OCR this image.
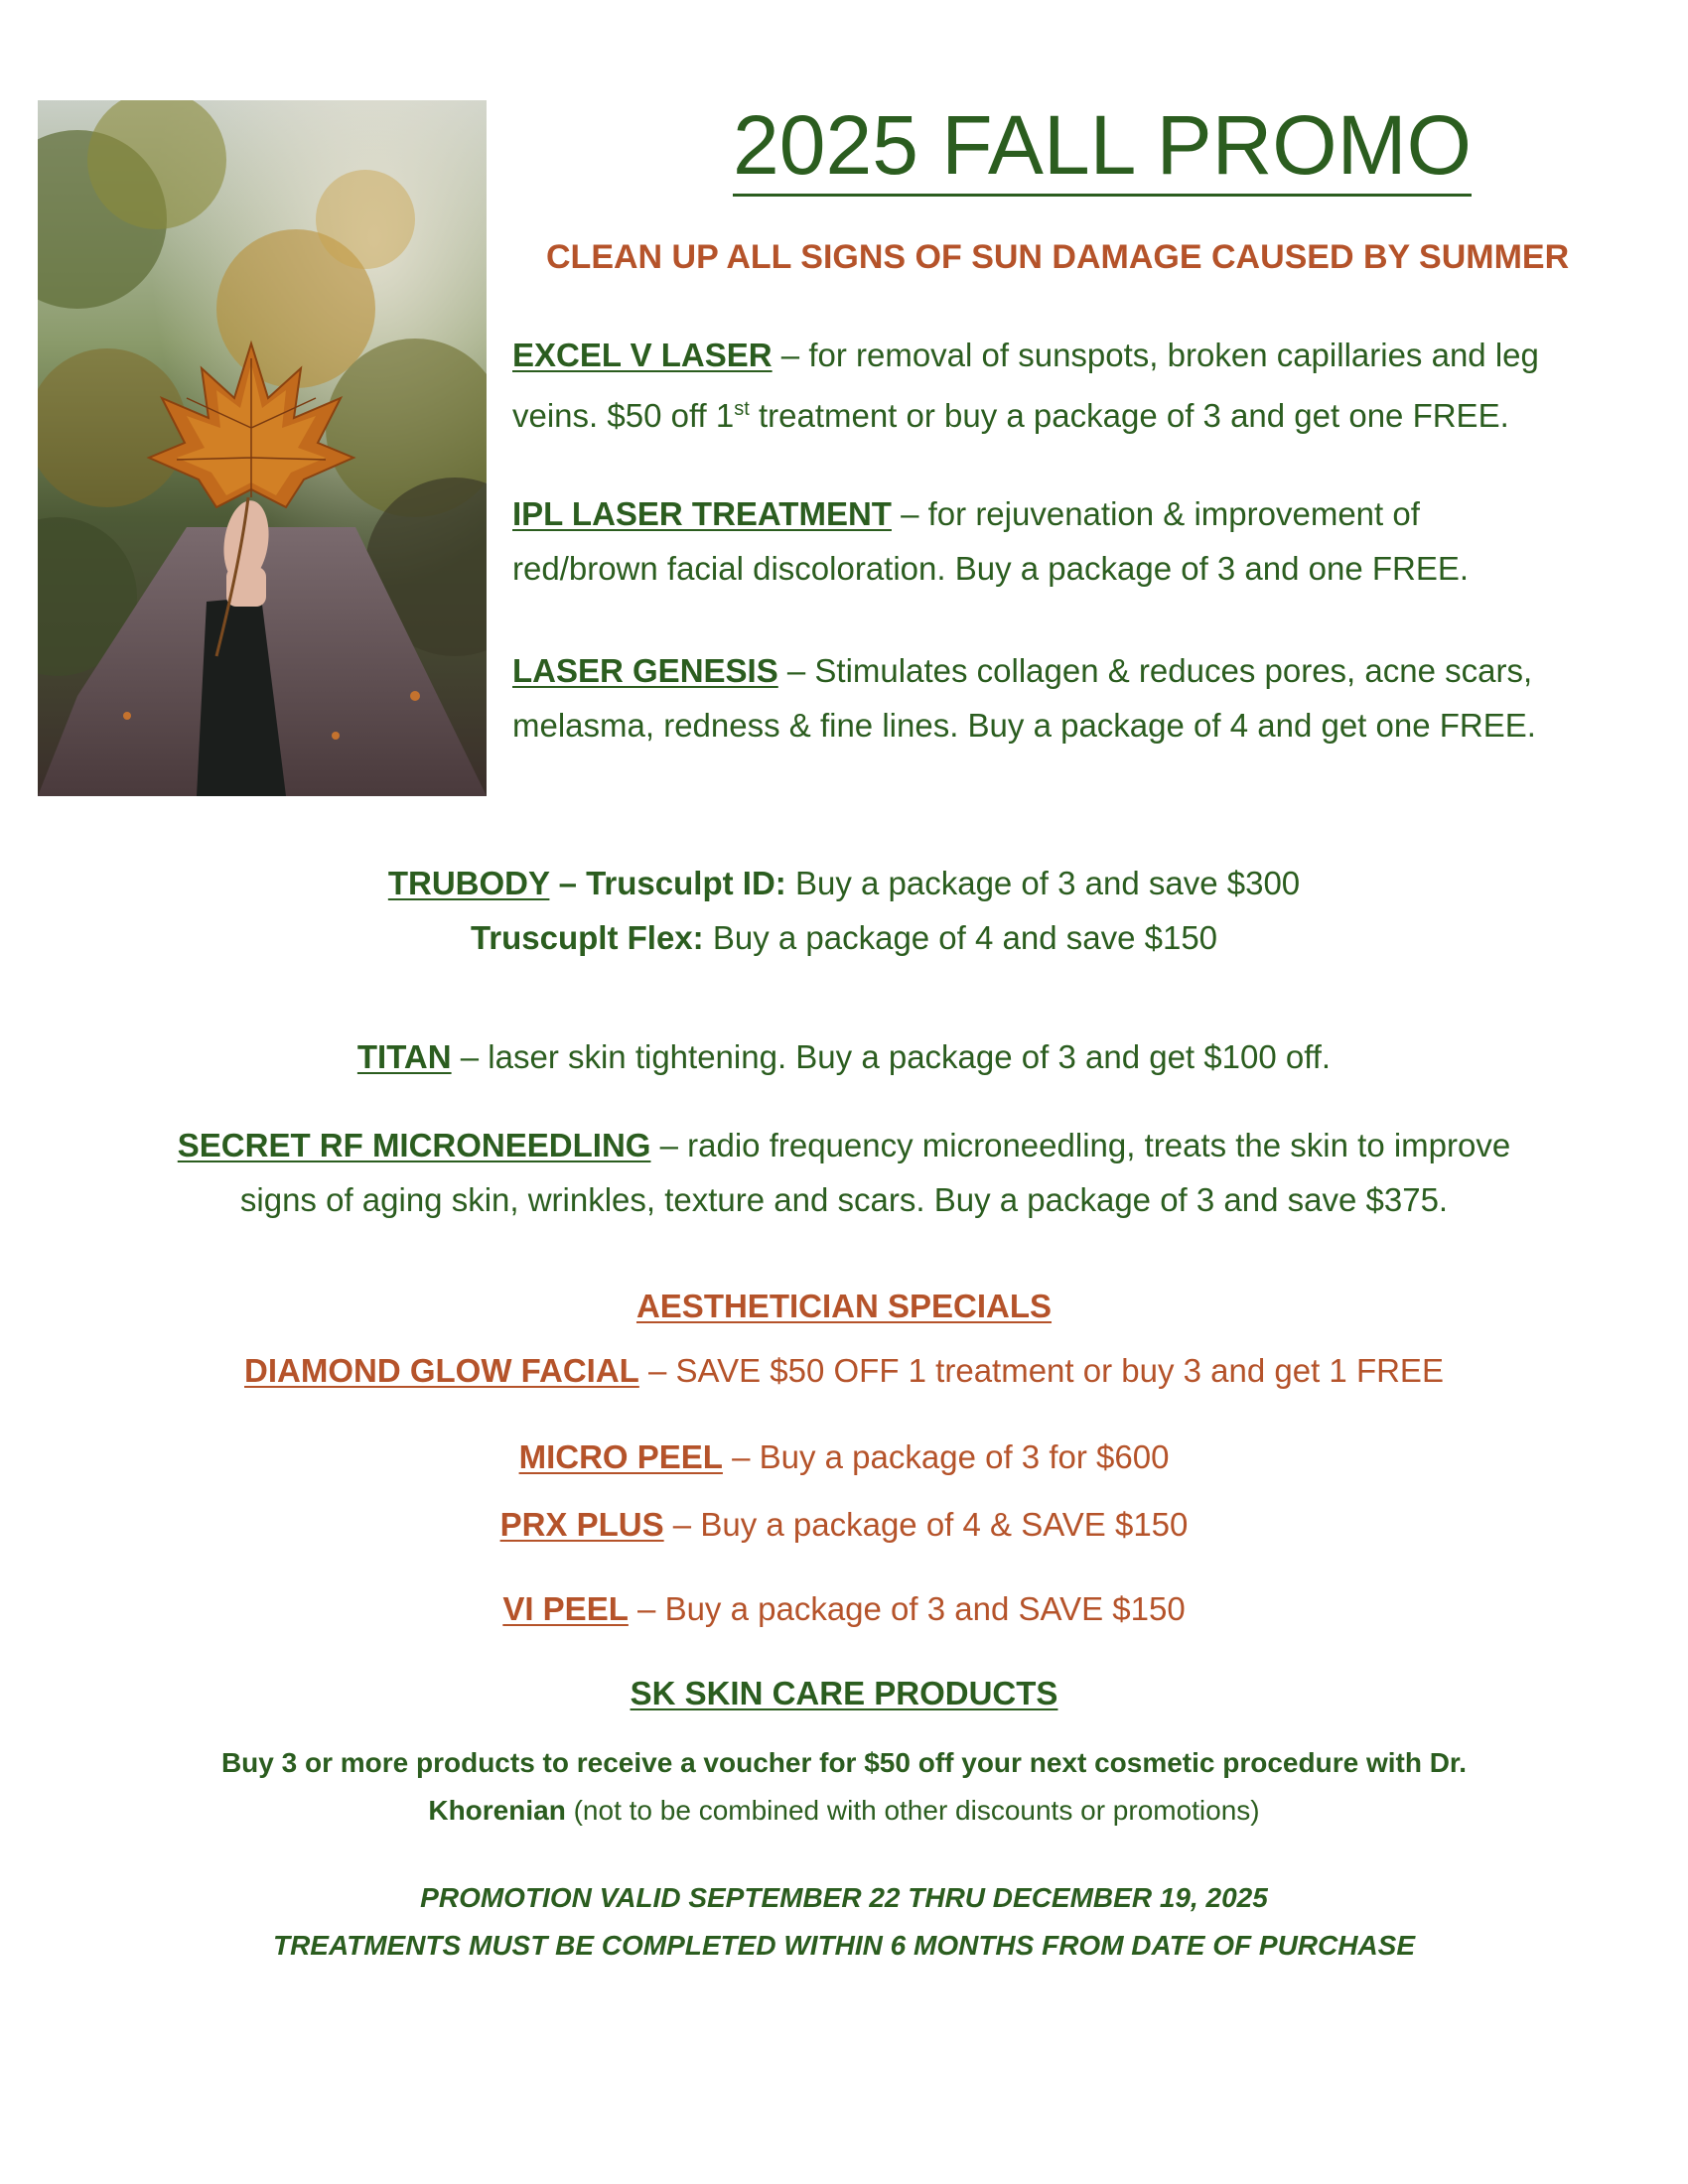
2025 FALL PROMO
CLEAN UP ALL SIGNS OF SUN DAMAGE CAUSED BY SUMMER
EXCEL V LASER – for removal of sunspots, broken capillaries and leg
veins. $50 off 1st treatment or buy a package of 3 and get one FREE.
IPL LASER TREATMENT – for rejuvenation & improvement of
red/brown facial discoloration. Buy a package of 3 and one FREE.
LASER GENESIS – Stimulates collagen & reduces pores, acne scars,
melasma, redness & fine lines. Buy a package of 4 and get one FREE.
TRUBODY – Trusculpt ID: Buy a package of 3 and save $300
Truscuplt Flex: Buy a package of 4 and save $150
TITAN – laser skin tightening. Buy a package of 3 and get $100 off.
SECRET RF MICRONEEDLING – radio frequency microneedling, treats the skin to improve
signs of aging skin, wrinkles, texture and scars. Buy a package of 3 and save $375.
AESTHETICIAN SPECIALS
DIAMOND GLOW FACIAL – SAVE $50 OFF 1 treatment or buy 3 and get 1 FREE
MICRO PEEL – Buy a package of 3 for $600
PRX PLUS – Buy a package of 4 & SAVE $150
VI PEEL – Buy a package of 3 and SAVE $150
SK SKIN CARE PRODUCTS
Buy 3 or more products to receive a voucher for $50 off your next cosmetic procedure with Dr.
Khorenian (not to be combined with other discounts or promotions)
PROMOTION VALID SEPTEMBER 22 THRU DECEMBER 19, 2025
TREATMENTS MUST BE COMPLETED WITHIN 6 MONTHS FROM DATE OF PURCHASE
